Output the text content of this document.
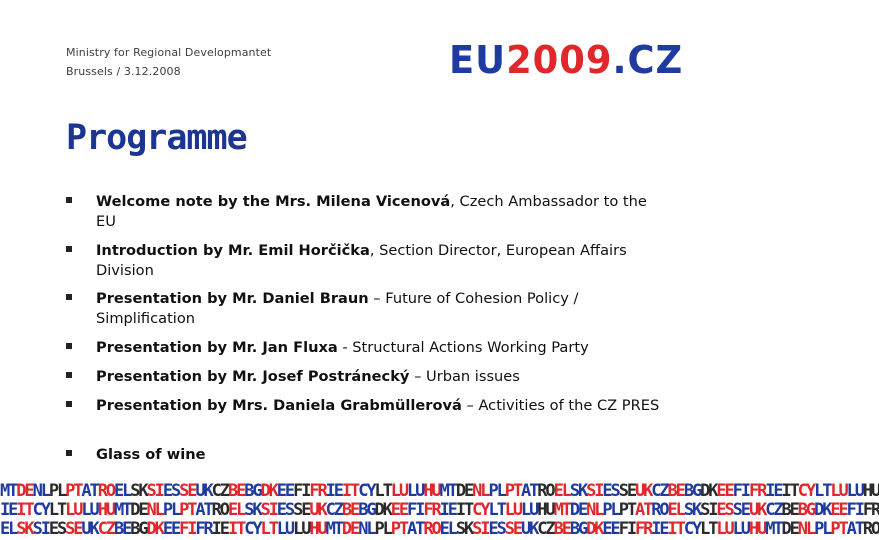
Ministry for Regional Developmantet
Brussels / 3.12.2008	EU2009.CZ
Programme
Welcome note by the Mrs. Milena Vicenová, Czech Ambassador to the EU
Introduction by Mr. Emil Horčička, Section Director, European Affairs Division
Presentation by Mr. Daniel Braun – Future of Cohesion Policy / Simplification
Presentation by Mr. Jan Fluxa - Structural Actions Working Party
Presentation by Mr. Josef Postránecký – Urban issues
Presentation by Mrs. Daniela Grabmüllerová – Activities of the CZ PRES
Glass of wine
MTDENLPLPTATROELSKSIESSEUKCZBEBGDKEEFIFRIEITCYLTLULUHUMTDENLPLPTATROELSKSIESSEUKCZBEBGDKEEFIFRIEITCYLTLULUHU
IEITCYLTLULUHUMTDENLPLPTATROELSKSIESSEUKCZBEBGDKEEFIFRIEITCYLTLULUHUMTDENLPLPTATROELSKSIESSEUKCZBEBGDKEEFIFR
ELSKSIESSEUKCZBEBGDKEEFIFRIEITCYLTLULUHUMTDENLPLPTATROELSKSIESSEUKCZBEBGDKEEFIFRIEITCYLTLULUHUMTDENLPLPTATRO
